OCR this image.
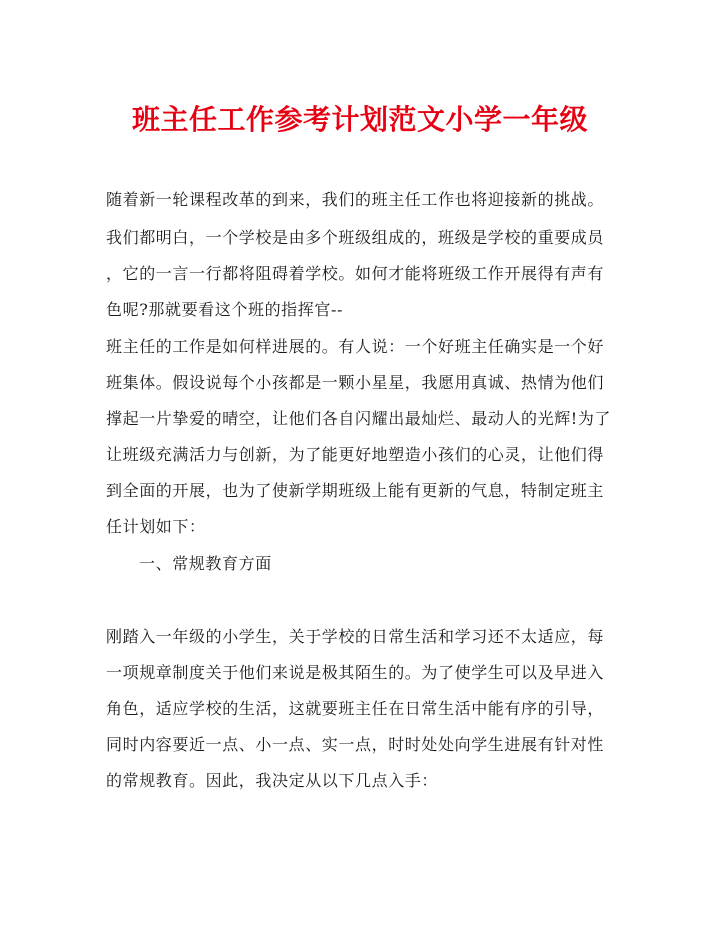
班主任工作参考计划范文小学一年级
随着新一轮课程改革的到来，我们的班主任工作也将迎接新的挑战。
我们都明白，一个学校是由多个班级组成的，班级是学校的重要成员
，它的一言一行都将阻碍着学校。如何才能将班级工作开展得有声有
色呢?那就要看这个班的指挥官--
班主任的工作是如何样进展的。有人说：一个好班主任确实是一个好
班集体。假设说每个小孩都是一颗小星星，我愿用真诚、热情为他们
撑起一片挚爱的晴空，让他们各自闪耀出最灿烂、最动人的光辉!为了
让班级充满活力与创新，为了能更好地塑造小孩们的心灵，让他们得
到全面的开展，也为了使新学期班级上能有更新的气息，特制定班主
任计划如下：
一、常规教育方面
刚踏入一年级的小学生，关于学校的日常生活和学习还不太适应，每
一项规章制度关于他们来说是极其陌生的。为了使学生可以及早进入
角色，适应学校的生活，这就要班主任在日常生活中能有序的引导，
同时内容要近一点、小一点、实一点，时时处处向学生进展有针对性
的常规教育。因此，我决定从以下几点入手：
